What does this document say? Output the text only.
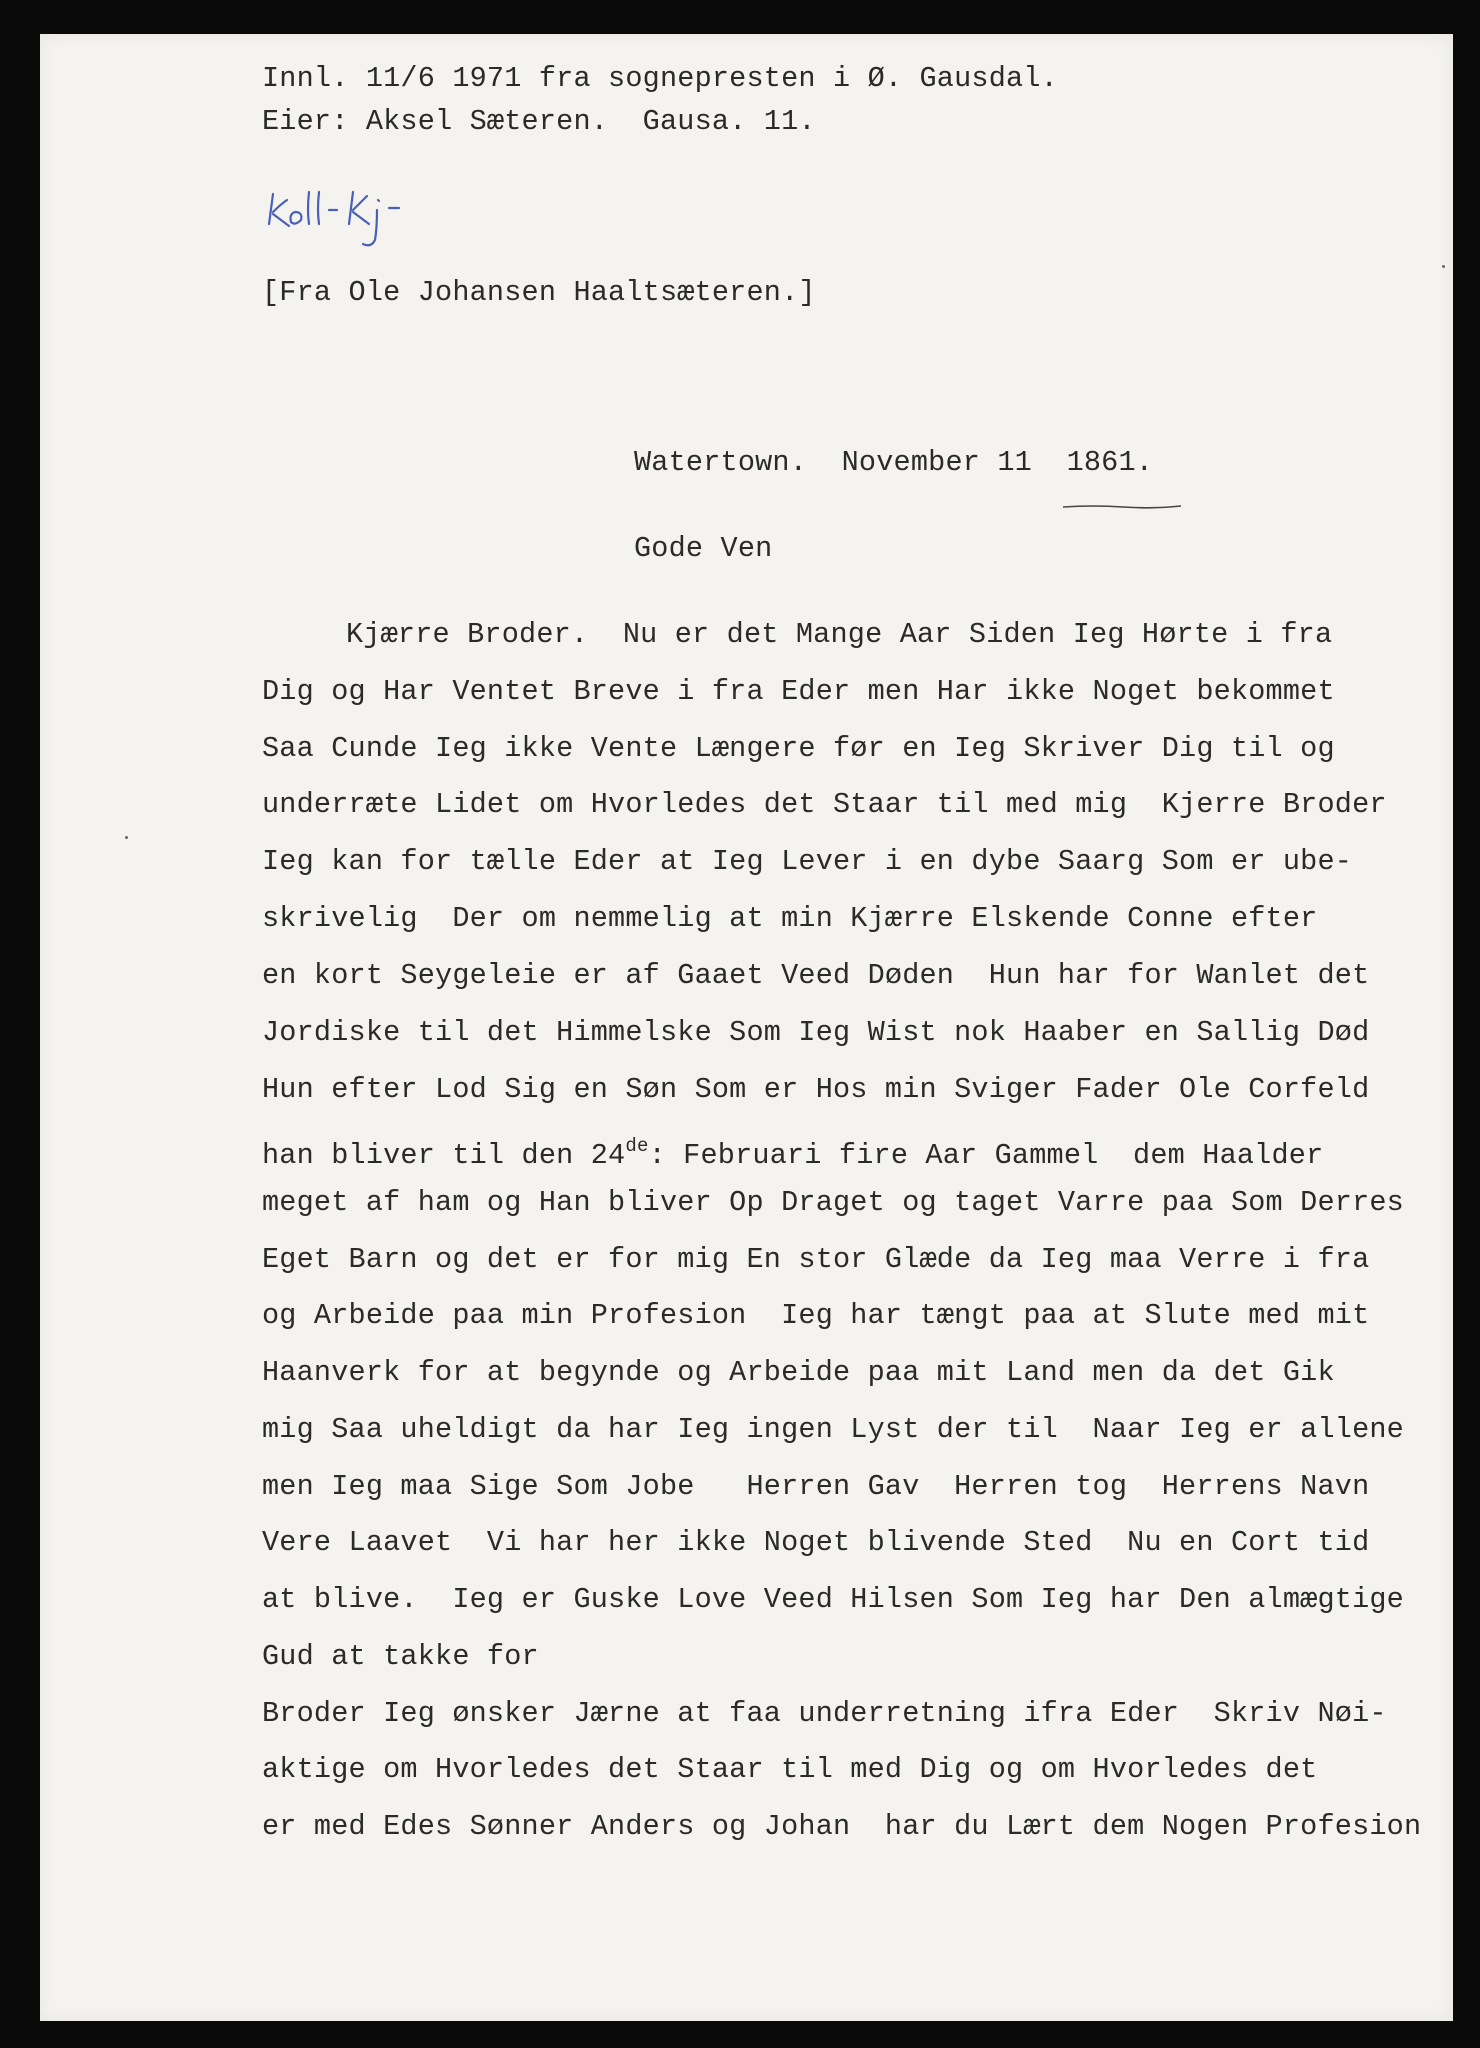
Innl. 11/6 1971 fra sognepresten i Ø. Gausdal.
Eier: Aksel Sæteren.  Gausa. 11.
[Fra Ole Johansen Haaltsæteren.]
Watertown.  November 11  1861.
Gode Ven
Kjærre Broder.  Nu er det Mange Aar Siden Ieg Hørte i fra
Dig og Har Ventet Breve i fra Eder men Har ikke Noget bekommet
Saa Cunde Ieg ikke Vente Længere før en Ieg Skriver Dig til og
underræte Lidet om Hvorledes det Staar til med mig  Kjerre Broder
Ieg kan for tælle Eder at Ieg Lever i en dybe Saarg Som er ube-
skrivelig  Der om nemmelig at min Kjærre Elskende Conne efter
en kort Seygeleie er af Gaaet Veed Døden  Hun har for Wanlet det
Jordiske til det Himmelske Som Ieg Wist nok Haaber en Sallig Død
Hun efter Lod Sig en Søn Som er Hos min Sviger Fader Ole Corfeld
han bliver til den 24de: Februari fire Aar Gammel  dem Haalder
meget af ham og Han bliver Op Draget og taget Varre paa Som Derres
Eget Barn og det er for mig En stor Glæde da Ieg maa Verre i fra
og Arbeide paa min Profesion  Ieg har tængt paa at Slute med mit
Haanverk for at begynde og Arbeide paa mit Land men da det Gik
mig Saa uheldigt da har Ieg ingen Lyst der til  Naar Ieg er allene
men Ieg maa Sige Som Jobe   Herren Gav  Herren tog  Herrens Navn
Vere Laavet  Vi har her ikke Noget blivende Sted  Nu en Cort tid
at blive.  Ieg er Guske Love Veed Hilsen Som Ieg har Den almægtige
Gud at takke for
Broder Ieg ønsker Jærne at faa underretning ifra Eder  Skriv Nøi-
aktige om Hvorledes det Staar til med Dig og om Hvorledes det
er med Edes Sønner Anders og Johan  har du Lært dem Nogen Profesion
